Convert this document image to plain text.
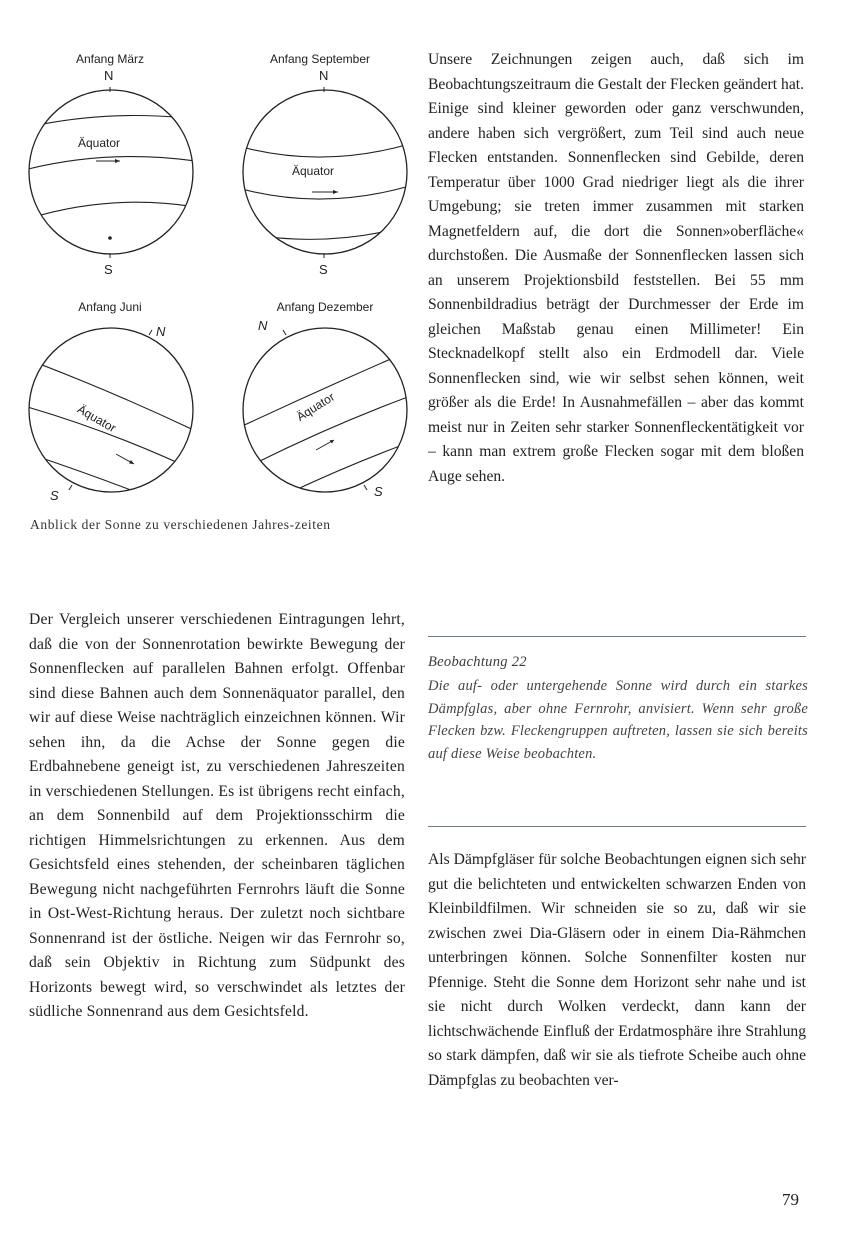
Anfang März
N
Äquator
S
Anfang September
N
Äquator
S
Anfang Juni
N
Äquator
S
Anfang Dezember
N
Äquator
S
Anblick der Sonne zu verschiedenen Jahres-zeiten

Der Vergleich unserer verschiedenen Eintragungen lehrt, daß die von der Sonnenrotation bewirkte Bewegung der Sonnenflecken auf parallelen Bahnen erfolgt. Offenbar sind diese Bahnen auch dem Sonnenäquator parallel, den wir auf diese Weise nachträglich einzeichnen können. Wir sehen ihn, da die Achse der Sonne gegen die Erdbahnebene geneigt ist, zu verschiedenen Jahreszeiten in verschiedenen Stellungen. Es ist übrigens recht einfach, an dem Sonnenbild auf dem Projektionsschirm die richtigen Himmelsrichtungen zu erkennen. Aus dem Gesichtsfeld eines stehenden, der scheinbaren täglichen Bewegung nicht nachgeführten Fernrohrs läuft die Sonne in Ost-West-Richtung heraus. Der zuletzt noch sichtbare Sonnenrand ist der östliche. Neigen wir das Fernrohr so, daß sein Objektiv in Richtung zum Südpunkt des Horizonts bewegt wird, so verschwindet als letztes der südliche Sonnenrand aus dem Gesichtsfeld.

Unsere Zeichnungen zeigen auch, daß sich im Beobachtungszeitraum die Gestalt der Flecken geändert hat. Einige sind kleiner geworden oder ganz verschwunden, andere haben sich vergrößert, zum Teil sind auch neue Flecken entstanden. Sonnenflecken sind Gebilde, deren Temperatur über 1000 Grad niedriger liegt als die ihrer Umgebung; sie treten immer zusammen mit starken Magnetfeldern auf, die dort die Sonnen»oberfläche« durchstoßen. Die Ausmaße der Sonnenflecken lassen sich an unserem Projektionsbild feststellen. Bei 55 mm Sonnenbildradius beträgt der Durchmesser der Erde im gleichen Maßstab genau einen Millimeter! Ein Stecknadelkopf stellt also ein Erdmodell dar. Viele Sonnenflecken sind, wie wir selbst sehen können, weit größer als die Erde! In Ausnahmefällen – aber das kommt meist nur in Zeiten sehr starker Sonnenfleckentätigkeit vor – kann man extrem große Flecken sogar mit dem bloßen Auge sehen.

Beobachtung 22

Die auf- oder untergehende Sonne wird durch ein starkes Dämpfglas, aber ohne Fernrohr, anvisiert. Wenn sehr große Flecken bzw. Fleckengruppen auftreten, lassen sie sich bereits auf diese Weise beobachten.

Als Dämpfgläser für solche Beobachtungen eignen sich sehr gut die belichteten und entwickelten schwarzen Enden von Kleinbildfilmen. Wir schneiden sie so zu, daß wir sie zwischen zwei Dia-Gläsern oder in einem Dia-Rähmchen unterbringen können. Solche Sonnenfilter kosten nur Pfennige. Steht die Sonne dem Horizont sehr nahe und ist sie nicht durch Wolken verdeckt, dann kann der lichtschwächende Einfluß der Erdatmosphäre ihre Strahlung so stark dämpfen, daß wir sie als tiefrote Scheibe auch ohne Dämpfglas zu beobachten ver-

79
